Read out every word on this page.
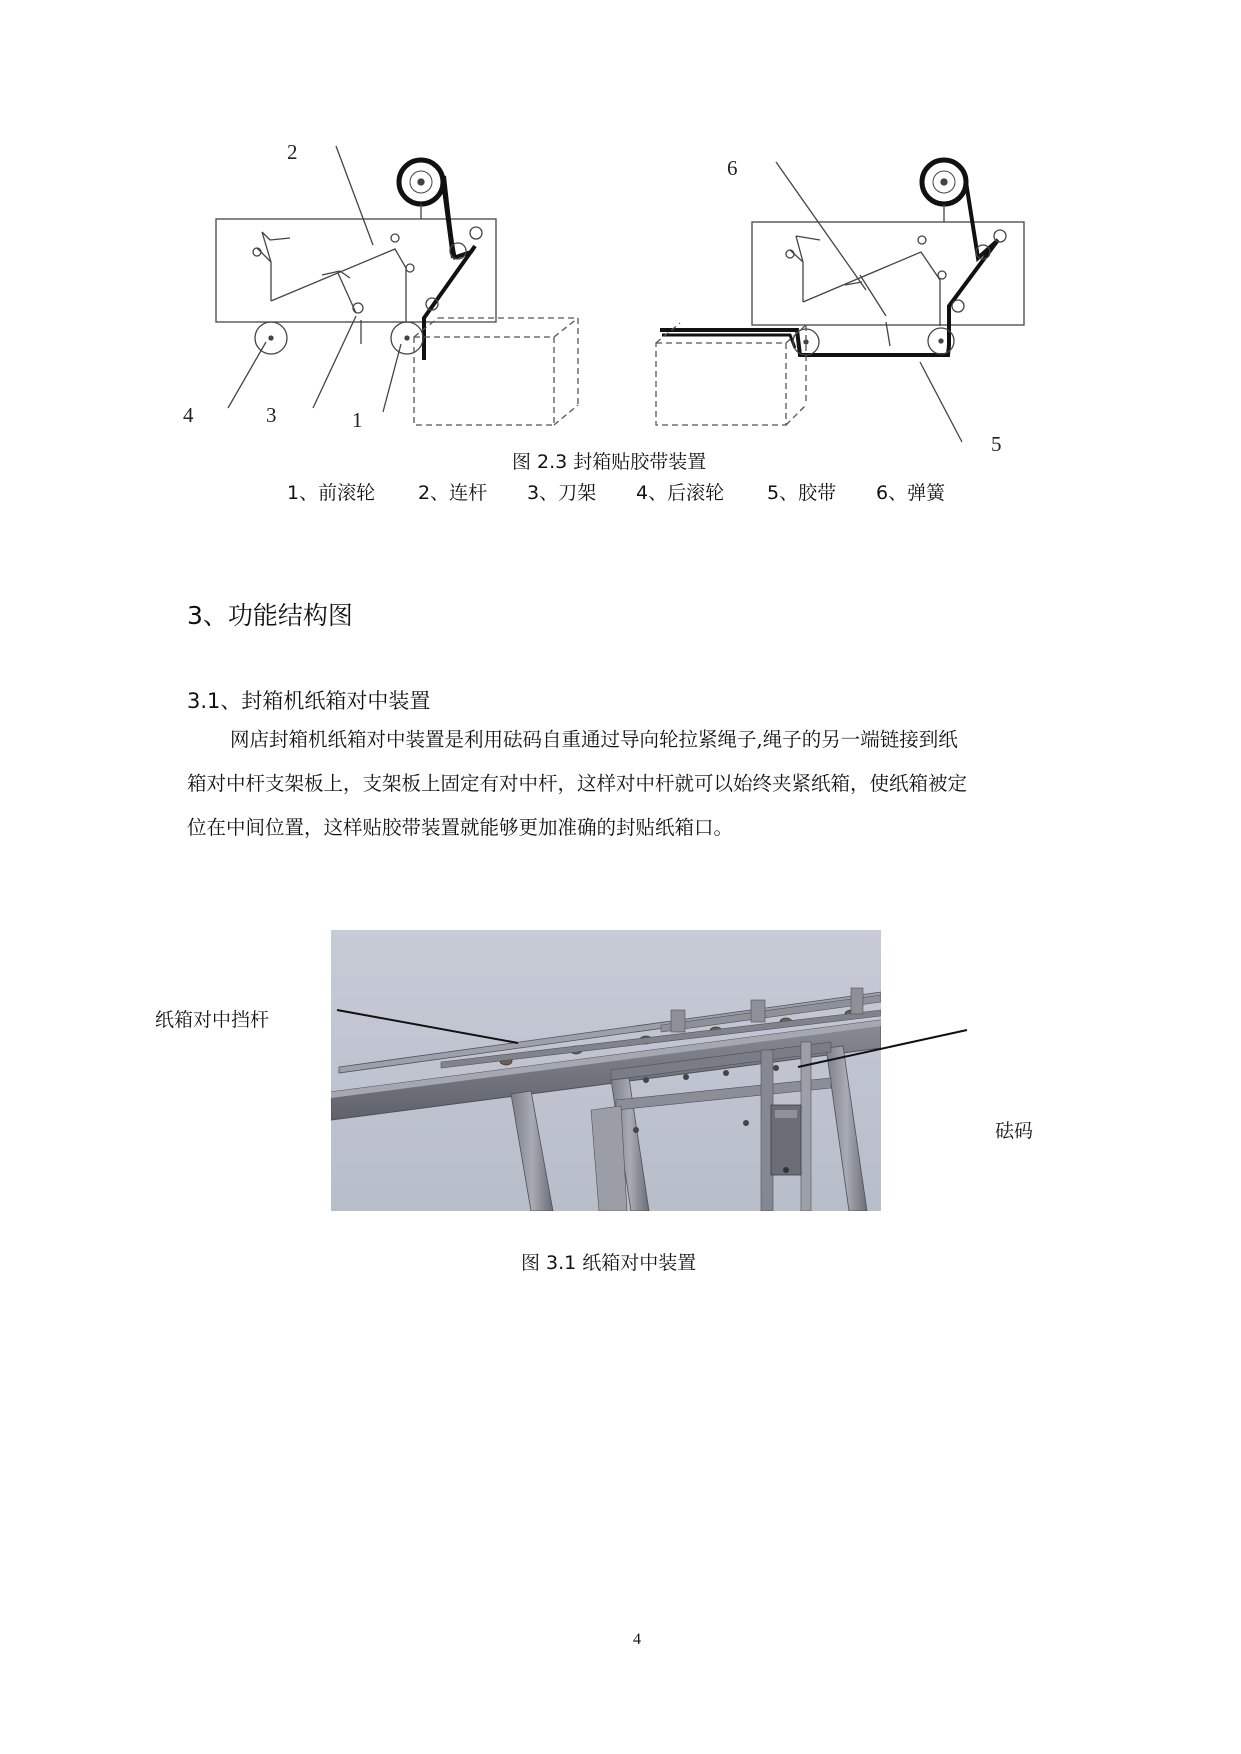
2
6
4	3	1
5
图 2.3 封箱贴胶带装置
1、前滚轮 2、连杆 3、刀架 4、后滚轮 5、胶带 6、弹簧
3、功能结构图
3.1、封箱机纸箱对中装置
网店封箱机纸箱对中装置是利用砝码自重通过导向轮拉紧绳子,绳子的另一端链接到纸
箱对中杆支架板上，支架板上固定有对中杆，这样对中杆就可以始终夹紧纸箱，使纸箱被定
位在中间位置，这样贴胶带装置就能够更加准确的封贴纸箱口。
纸箱对中挡杆
砝码
图 3.1 纸箱对中装置
4
